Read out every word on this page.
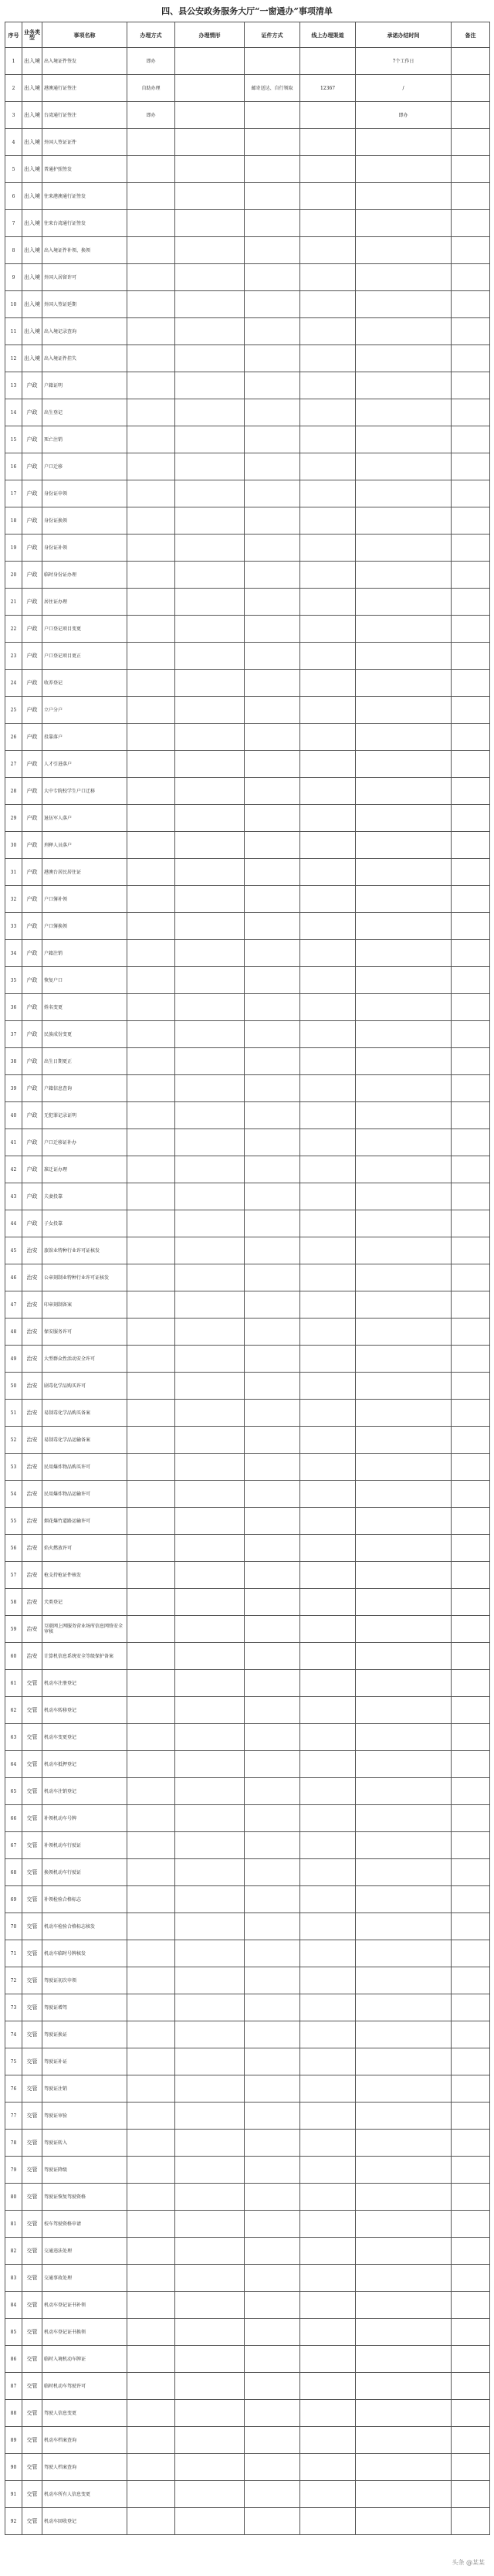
四、县公安政务服务大厅“一窗通办”事项清单
序号	业务类型	事项名称	办理方式	办理情形	证件方式	线上办理渠道	承诺办结时间	备注
1	出入境	出入境证件签发	即办				7个工作日	
2	出入境	港澳通行证签注	自助办理		邮寄送达、自行领取	12367	/	
3	出入境	台湾通行证签注	即办				即办	
4	出入境	外国人签证证件						
5	出入境	普通护照签发						
6	出入境	往来港澳通行证签发						
7	出入境	往来台湾通行证签发						
8	出入境	出入境证件补领、换领						
9	出入境	外国人居留许可						
10	出入境	外国人签证延期						
11	出入境	出入境记录查询						
12	出入境	出入境证件挂失						
13	户政	户籍证明						
14	户政	出生登记						
15	户政	死亡注销						
16	户政	户口迁移						
17	户政	身份证申领						
18	户政	身份证换领						
19	户政	身份证补领						
20	户政	临时身份证办理						
21	户政	居住证办理						
22	户政	户口登记项目变更						
23	户政	户口登记项目更正						
24	户政	收养登记						
25	户政	立户分户						
26	户政	投靠落户						
27	户政	人才引进落户						
28	户政	大中专院校学生户口迁移						
29	户政	退伍军人落户						
30	户政	刑释人员落户						
31	户政	港澳台居民居住证						
32	户政	户口簿补领						
33	户政	户口簿换领						
34	户政	户籍注销						
35	户政	恢复户口						
36	户政	姓名变更						
37	户政	民族成份变更						
38	户政	出生日期更正						
39	户政	户籍信息查询						
40	户政	无犯罪记录证明						
41	户政	户口迁移证补办						
42	户政	准迁证办理						
43	户政	夫妻投靠						
44	户政	子女投靠						
45	治安	旅馆业特种行业许可证核发						
46	治安	公章刻制业特种行业许可证核发						
47	治安	印章刻制备案						
48	治安	保安服务许可						
49	治安	大型群众性活动安全许可						
50	治安	剧毒化学品购买许可						
51	治安	易制毒化学品购买备案						
52	治安	易制毒化学品运输备案						
53	治安	民用爆炸物品购买许可						
54	治安	民用爆炸物品运输许可						
55	治安	烟花爆竹道路运输许可						
56	治安	焰火燃放许可						
57	治安	枪支持枪证件核发						
58	治安	犬类登记						
59	治安	互联网上网服务营业场所信息网络安全审核						
60	治安	计算机信息系统安全等级保护备案						
61	交管	机动车注册登记						
62	交管	机动车转移登记						
63	交管	机动车变更登记						
64	交管	机动车抵押登记						
65	交管	机动车注销登记						
66	交管	补领机动车号牌						
67	交管	补领机动车行驶证						
68	交管	换领机动车行驶证						
69	交管	补领检验合格标志						
70	交管	机动车检验合格标志核发						
71	交管	机动车临时号牌核发						
72	交管	驾驶证初次申领						
73	交管	驾驶证增驾						
74	交管	驾驶证换证						
75	交管	驾驶证补证						
76	交管	驾驶证注销						
77	交管	驾驶证审验						
78	交管	驾驶证转入						
79	交管	驾驶证降级						
80	交管	驾驶证恢复驾驶资格						
81	交管	校车驾驶资格申请						
82	交管	交通违法处理						
83	交管	交通事故处理						
84	交管	机动车登记证书补领						
85	交管	机动车登记证书换领						
86	交管	临时入境机动车牌证						
87	交管	临时机动车驾驶许可						
88	交管	驾驶人信息变更						
89	交管	机动车档案查询						
90	交管	驾驶人档案查询						
91	交管	机动车所有人信息变更						
92	交管	机动车回收登记						
头条 @某某
